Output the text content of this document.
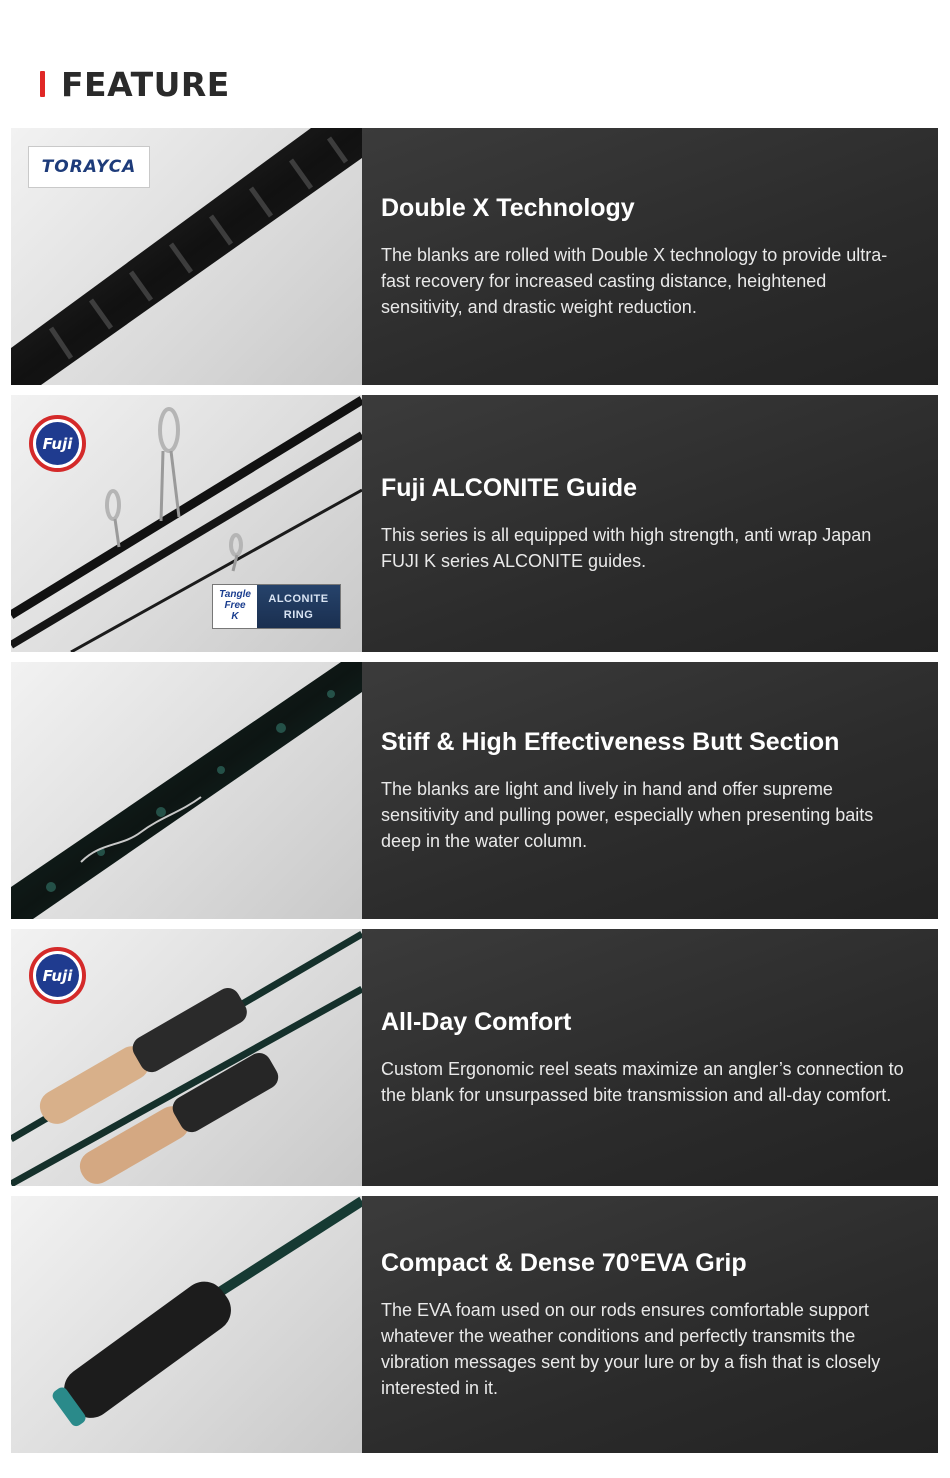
FEATURE
TORAYCA
Double X Technology
The blanks are rolled with Double X technology to provide ultra-fast recovery for increased casting distance, heightened sensitivity, and drastic weight reduction.
Fuji
Tangle
Free
K
ALCONITE
RING
Fuji ALCONITE Guide
This series is all equipped with high strength, anti wrap Japan FUJI K series ALCONITE guides.
Stiff & High Effectiveness Butt Section
The blanks are light and lively in hand and offer supreme sensitivity and pulling power, especially when presenting baits deep in the water column.
Fuji
All-Day Comfort
Custom Ergonomic reel seats maximize an angler’s connection to the blank for unsurpassed bite transmission and all-day comfort.
Compact & Dense 70°EVA Grip
The EVA foam used on our rods ensures comfortable support whatever the weather conditions and perfectly transmits the vibration messages sent by your lure or by a fish that is closely interested in it.
